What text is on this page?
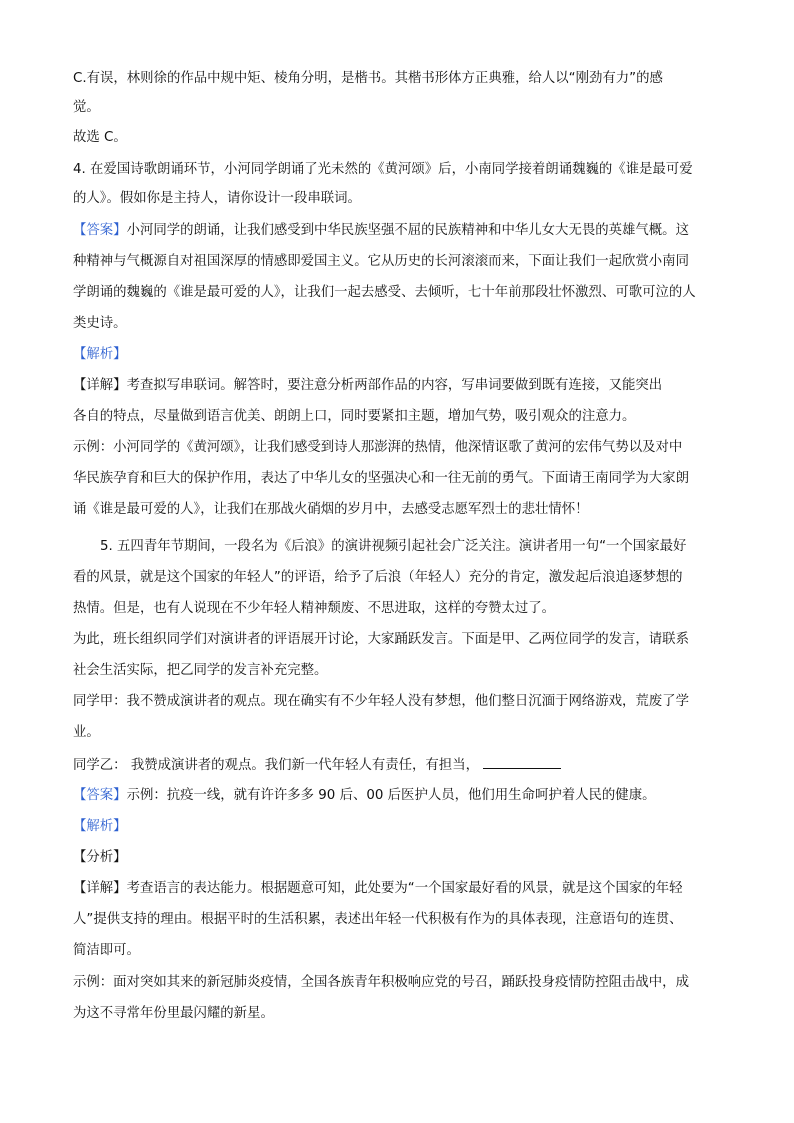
C.有误，林则徐的作品中规中矩、棱角分明，是楷书。其楷书形体方正典雅，给人以“刚劲有力”的感
觉。
故选 C。
4. 在爱国诗歌朗诵环节，小河同学朗诵了光未然的《黄河颂》后，小南同学接着朗诵魏巍的《谁是最可爱
的人》。假如你是主持人，请你设计一段串联词。
【答案】小河同学的朗诵，让我们感受到中华民族坚强不屈的民族精神和中华儿女大无畏的英雄气概。这
种精神与气概源自对祖国深厚的情感即爱国主义。它从历史的长河滚滚而来，下面让我们一起欣赏小南同
学朗诵的魏巍的《谁是最可爱的人》，让我们一起去感受、去倾听，七十年前那段壮怀激烈、可歌可泣的人
类史诗。
【解析】
【详解】考查拟写串联词。解答时，要注意分析两部作品的内容，写串词要做到既有连接，又能突出
各自的特点，尽量做到语言优美、朗朗上口，同时要紧扣主题，增加气势，吸引观众的注意力。
示例：小河同学的《黄河颂》，让我们感受到诗人那澎湃的热情，他深情讴歌了黄河的宏伟气势以及对中
华民族孕育和巨大的保护作用，表达了中华儿女的坚强决心和一往无前的勇气。下面请王南同学为大家朗
诵《谁是最可爱的人》，让我们在那战火硝烟的岁月中，去感受志愿军烈士的悲壮情怀！
5. 五四青年节期间，一段名为《后浪》的演讲视频引起社会广泛关注。演讲者用一句“一个国家最好
看的风景，就是这个国家的年轻人”的评语，给予了后浪（年轻人）充分的肯定，激发起后浪追逐梦想的
热情。但是，也有人说现在不少年轻人精神颓废、不思进取，这样的夸赞太过了。
为此，班长组织同学们对演讲者的评语展开讨论，大家踊跃发言。下面是甲、乙两位同学的发言，请联系
社会生活实际，把乙同学的发言补充完整。
同学甲：我不赞成演讲者的观点。现在确实有不少年轻人没有梦想，他们整日沉湎于网络游戏，荒废了学
业。
同学乙： 我赞成演讲者的观点。我们新一代年轻人有责任，有担当，
【答案】示例：抗疫一线，就有许许多多 90 后、00 后医护人员，他们用生命呵护着人民的健康。
【解析】
【分析】
【详解】考查语言的表达能力。根据题意可知，此处要为“一个国家最好看的风景，就是这个国家的年轻
人”提供支持的理由。根据平时的生活积累，表述出年轻一代积极有作为的具体表现，注意语句的连贯、
简洁即可。
示例：面对突如其来的新冠肺炎疫情，全国各族青年积极响应党的号召，踊跃投身疫情防控阻击战中，成
为这不寻常年份里最闪耀的新星。
